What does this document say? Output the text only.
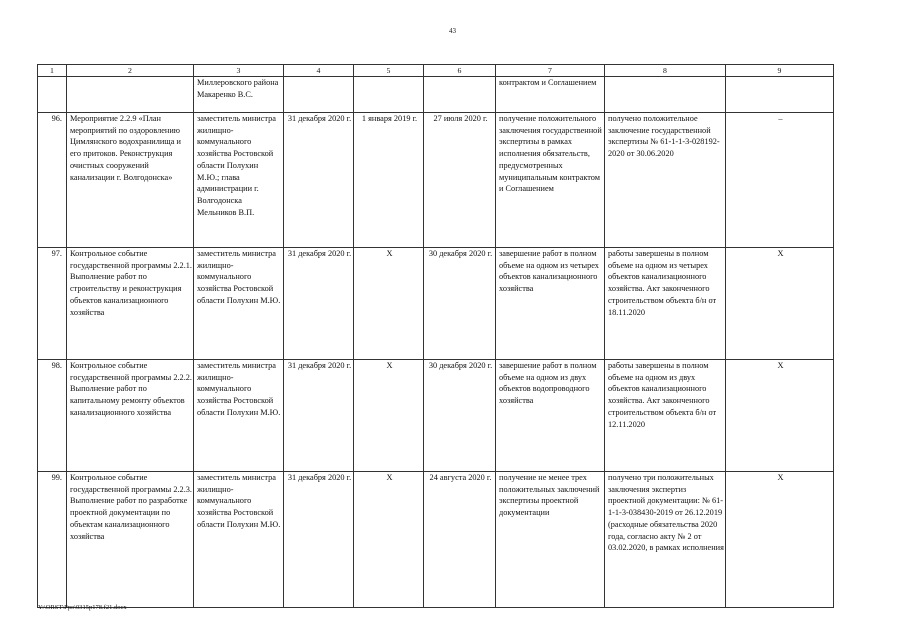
43
1	2	3	4	5	6	7	8	9
		Миллеровского района Макаренко В.С.				контрактом и Соглашением		
96.	Мероприятие 2.2.9 «План мероприятий по оздоровлению Цимлянского водохранилища и его притоков. Реконструкция очистных сооружений канализации г. Волгодонска»	заместитель министра жилищно-коммунального хозяйства Ростовской области Полухин М.Ю.; глава администрации г. Волгодонска Мельников В.П.	31 декабря 2020 г.	1 января 2019 г.	27 июля 2020 г.	получение положительного заключения государственной экспертизы в рамках исполнения обязательств, предусмотренных муниципальным контрактом и Соглашением	получено положительное заключение государственной экспертизы № 61-1-1-3-028192-2020 от 30.06.2020	–
97.	Контрольное событие государственной программы 2.2.1. Выполнение работ по строительству и реконструкция объектов канализационного хозяйства	заместитель министра жилищно-коммунального хозяйства Ростовской области Полухин М.Ю.	31 декабря 2020 г.	X	30 декабря 2020 г.	завершение работ в полном объеме на одном из четырех объектов канализационного хозяйства	работы завершены в полном объеме на одном из четырех объектов канализационного хозяйства. Акт законченного строительством объекта б/н от 18.11.2020	X
98.	Контрольное событие государственной программы 2.2.2. Выполнение работ по капитальному ремонту объектов канализационного хозяйства	заместитель министра жилищно-коммунального хозяйства Ростовской области Полухин М.Ю.	31 декабря 2020 г.	X	30 декабря 2020 г.	завершение работ в полном объеме на одном из двух объектов водопроводного хозяйства	работы завершены в полном объеме на одном из двух объектов канализационного хозяйства. Акт законченного строительством объекта б/н от 12.11.2020	X
99.	Контрольное событие государственной программы 2.2.3. Выполнение работ по разработке проектной документации по объектам канализационного хозяйства	заместитель министра жилищно-коммунального хозяйства Ростовской области Полухин М.Ю.	31 декабря 2020 г.	X	24 августа 2020 г.	получение не менее трех положительных заключений экспертизы проектной документации	получено три положительных заключения экспертиз проектной документации: № 61-1-1-3-038430-2019 от 26.12.2019 (расходные обязательства 2020 года, согласно акту № 2 от 03.02.2020, в рамках исполнения	X
Y:\ORST\Ppo\0315p178.f21.docx
